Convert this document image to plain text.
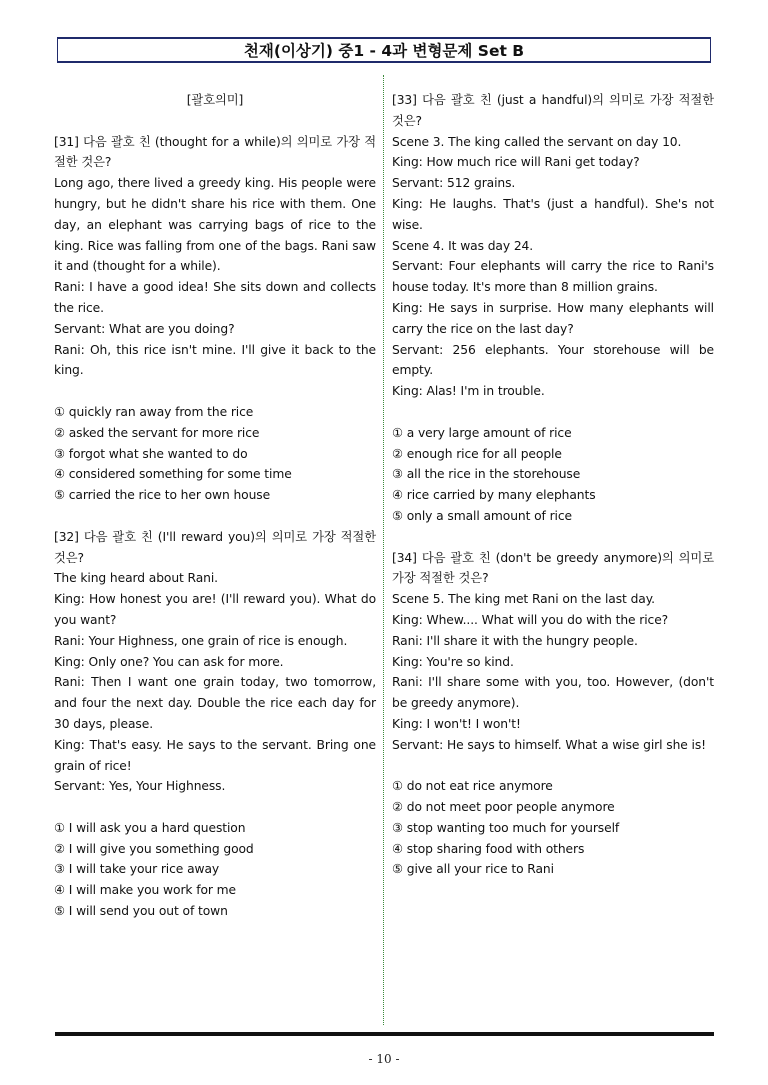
천재(이상기) 중1 - 4과 변형문제 Set B

[괄호의미]

[31] 다음 괄호 친 (thought for a while)의 의미로 가장 적절한 것은?

Long ago, there lived a greedy king. His people were hungry, but he didn't share his rice with them. One day, an elephant was carrying bags of rice to the king. Rice was falling from one of the bags. Rani saw it and (thought for a while).

Rani: I have a good idea! She sits down and collects the rice.

Servant: What are you doing?

Rani: Oh, this rice isn't mine. I'll give it back to the king.

① quickly ran away from the rice

② asked the servant for more rice

③ forgot what she wanted to do

④ considered something for some time

⑤ carried the rice to her own house

[32] 다음 괄호 친 (I'll reward you)의 의미로 가장 적절한 것은?

The king heard about Rani.

King: How honest you are! (I'll reward you). What do you want?

Rani: Your Highness, one grain of rice is enough.

King: Only one? You can ask for more.

Rani: Then I want one grain today, two tomorrow, and four the next day. Double the rice each day for 30 days, please.

King: That's easy. He says to the servant. Bring one grain of rice!

Servant: Yes, Your Highness.

① I will ask you a hard question

② I will give you something good

③ I will take your rice away

④ I will make you work for me

⑤ I will send you out of town

[33] 다음 괄호 친 (just a handful)의 의미로 가장 적절한 것은?

Scene 3. The king called the servant on day 10.

King: How much rice will Rani get today?

Servant: 512 grains.

King: He laughs. That's (just a handful). She's not wise.

Scene 4. It was day 24.

Servant: Four elephants will carry the rice to Rani's house today. It's more than 8 million grains.

King: He says in surprise. How many elephants will carry the rice on the last day?

Servant: 256 elephants. Your storehouse will be empty.

King: Alas! I'm in trouble.

① a very large amount of rice

② enough rice for all people

③ all the rice in the storehouse

④ rice carried by many elephants

⑤ only a small amount of rice

[34] 다음 괄호 친 (don't be greedy anymore)의 의미로 가장 적절한 것은?

Scene 5. The king met Rani on the last day.

King: Whew.... What will you do with the rice?

Rani: I'll share it with the hungry people.

King: You're so kind.

Rani: I'll share some with you, too. However, (don't be greedy anymore).

King: I won't! I won't!

Servant: He says to himself. What a wise girl she is!

① do not eat rice anymore

② do not meet poor people anymore

③ stop wanting too much for yourself

④ stop sharing food with others

⑤ give all your rice to Rani

- 10 -
